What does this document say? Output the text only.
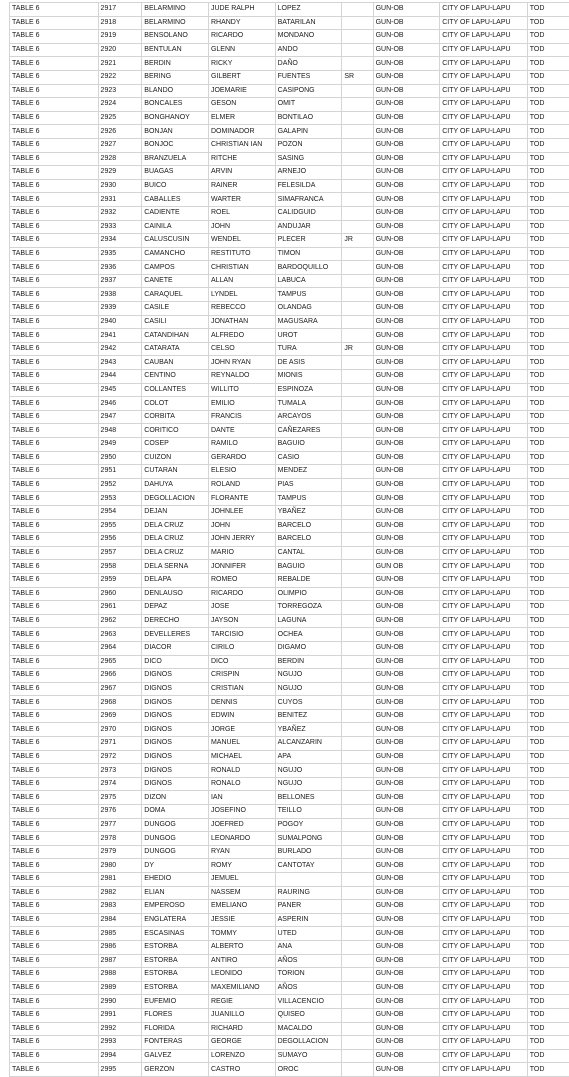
TABLE 6	2917	BELARMINO	JUDE RALPH	LOPEZ		GUN-OB	CITY OF LAPU-LAPU	TOD
TABLE 6	2918	BELARMINO	RHANDY	BATARILAN		GUN-OB	CITY OF LAPU-LAPU	TOD
TABLE 6	2919	BENSOLANO	RICARDO	MONDANO		GUN-OB	CITY OF LAPU-LAPU	TOD
TABLE 6	2920	BENTULAN	GLENN	ANDO		GUN-OB	CITY OF LAPU-LAPU	TOD
TABLE 6	2921	BERDIN	RICKY	DAÑO		GUN-OB	CITY OF LAPU-LAPU	TOD
TABLE 6	2922	BERING	GILBERT	FUENTES	SR	GUN-OB	CITY OF LAPU-LAPU	TOD
TABLE 6	2923	BLANDO	JOEMARIE	CASIPONG		GUN-OB	CITY OF LAPU-LAPU	TOD
TABLE 6	2924	BONCALES	GESON	OMIT		GUN-OB	CITY OF LAPU-LAPU	TOD
TABLE 6	2925	BONGHANOY	ELMER	BONTILAO		GUN-OB	CITY OF LAPU-LAPU	TOD
TABLE 6	2926	BONJAN	DOMINADOR	GALAPIN		GUN-OB	CITY OF LAPU-LAPU	TOD
TABLE 6	2927	BONJOC	CHRISTIAN IAN	POZON		GUN-OB	CITY OF LAPU-LAPU	TOD
TABLE 6	2928	BRANZUELA	RITCHE	SASING		GUN-OB	CITY OF LAPU-LAPU	TOD
TABLE 6	2929	BUAGAS	ARVIN	ARNEJO		GUN-OB	CITY OF LAPU-LAPU	TOD
TABLE 6	2930	BUICO	RAINER	FELESILDA		GUN-OB	CITY OF LAPU-LAPU	TOD
TABLE 6	2931	CABALLES	WARTER	SIMAFRANCA		GUN-OB	CITY OF LAPU-LAPU	TOD
TABLE 6	2932	CADIENTE	ROEL	CALIDGUID		GUN-OB	CITY OF LAPU-LAPU	TOD
TABLE 6	2933	CAINILA	JOHN	ANDUJAR		GUN-OB	CITY OF LAPU-LAPU	TOD
TABLE 6	2934	CALUSCUSIN	WENDEL	PLECER	JR	GUN-OB	CITY OF LAPU-LAPU	TOD
TABLE 6	2935	CAMANCHO	RESTITUTO	TIMON		GUN-OB	CITY OF LAPU-LAPU	TOD
TABLE 6	2936	CAMPOS	CHRISTIAN	BARDOQUILLO		GUN-OB	CITY OF LAPU-LAPU	TOD
TABLE 6	2937	CANETE	ALLAN	LABUCA		GUN-OB	CITY OF LAPU-LAPU	TOD
TABLE 6	2938	CARAQUEL	LYNDEL	TAMPUS		GUN-OB	CITY OF LAPU-LAPU	TOD
TABLE 6	2939	CASILE	REBECCO	OLANDAG		GUN-OB	CITY OF LAPU-LAPU	TOD
TABLE 6	2940	CASILI	JONATHAN	MAGUSARA		GUN-OB	CITY OF LAPU-LAPU	TOD
TABLE 6	2941	CATANDIHAN	ALFREDO	UROT		GUN-OB	CITY OF LAPU-LAPU	TOD
TABLE 6	2942	CATARATA	CELSO	TURA	JR	GUN-OB	CITY OF LAPU-LAPU	TOD
TABLE 6	2943	CAUBAN	JOHN RYAN	DE ASIS		GUN-OB	CITY OF LAPU-LAPU	TOD
TABLE 6	2944	CENTINO	REYNALDO	MIONIS		GUN-OB	CITY OF LAPU-LAPU	TOD
TABLE 6	2945	COLLANTES	WILLITO	ESPINOZA		GUN-OB	CITY OF LAPU-LAPU	TOD
TABLE 6	2946	COLOT	EMILIO	TUMALA		GUN-OB	CITY OF LAPU-LAPU	TOD
TABLE 6	2947	CORBITA	FRANCIS	ARCAYOS		GUN-OB	CITY OF LAPU-LAPU	TOD
TABLE 6	2948	CORITICO	DANTE	CAÑEZARES		GUN-OB	CITY OF LAPU-LAPU	TOD
TABLE 6	2949	COSEP	RAMILO	BAGUIO		GUN-OB	CITY OF LAPU-LAPU	TOD
TABLE 6	2950	CUIZON	GERARDO	CASIO		GUN-OB	CITY OF LAPU-LAPU	TOD
TABLE 6	2951	CUTARAN	ELESIO	MENDEZ		GUN-OB	CITY OF LAPU-LAPU	TOD
TABLE 6	2952	DAHUYA	ROLAND	PIAS		GUN-OB	CITY OF LAPU-LAPU	TOD
TABLE 6	2953	DEGOLLACION	FLORANTE	TAMPUS		GUN-OB	CITY OF LAPU-LAPU	TOD
TABLE 6	2954	DEJAN	JOHNLEE	YBAÑEZ		GUN-OB	CITY OF LAPU-LAPU	TOD
TABLE 6	2955	DELA CRUZ	JOHN	BARCELO		GUN-OB	CITY OF LAPU-LAPU	TOD
TABLE 6	2956	DELA CRUZ	JOHN JERRY	BARCELO		GUN-OB	CITY OF LAPU-LAPU	TOD
TABLE 6	2957	DELA CRUZ	MARIO	CANTAL		GUN-OB	CITY OF LAPU-LAPU	TOD
TABLE 6	2958	DELA SERNA	JONNIFER	BAGUIO		GUN OB	CITY OF LAPU-LAPU	TOD
TABLE 6	2959	DELAPA	ROMEO	REBALDE		GUN-OB	CITY OF LAPU-LAPU	TOD
TABLE 6	2960	DENLAUSO	RICARDO	OLIMPIO		GUN-OB	CITY OF LAPU-LAPU	TOD
TABLE 6	2961	DEPAZ	JOSE	TORREGOZA		GUN-OB	CITY OF LAPU-LAPU	TOD
TABLE 6	2962	DERECHO	JAYSON	LAGUNA		GUN-OB	CITY OF LAPU-LAPU	TOD
TABLE 6	2963	DEVELLERES	TARCISIO	OCHEA		GUN-OB	CITY OF LAPU-LAPU	TOD
TABLE 6	2964	DIACOR	CIRILO	DIGAMO		GUN-OB	CITY OF LAPU-LAPU	TOD
TABLE 6	2965	DICO	DICO	BERDIN		GUN-OB	CITY OF LAPU-LAPU	TOD
TABLE 6	2966	DIGNOS	CRISPIN	NGUJO		GUN-OB	CITY OF LAPU-LAPU	TOD
TABLE 6	2967	DIGNOS	CRISTIAN	NGUJO		GUN-OB	CITY OF LAPU-LAPU	TOD
TABLE 6	2968	DIGNOS	DENNIS	CUYOS		GUN-OB	CITY OF LAPU-LAPU	TOD
TABLE 6	2969	DIGNOS	EDWIN	BENITEZ		GUN-OB	CITY OF LAPU-LAPU	TOD
TABLE 6	2970	DIGNOS	JORGE	YBAÑEZ		GUN-OB	CITY OF LAPU-LAPU	TOD
TABLE 6	2971	DIGNOS	MANUEL	ALCANZARIN		GUN-OB	CITY OF LAPU-LAPU	TOD
TABLE 6	2972	DIGNOS	MICHAEL	APA		GUN-OB	CITY OF LAPU-LAPU	TOD
TABLE 6	2973	DIGNOS	RONALD	NGUJO		GUN-OB	CITY OF LAPU-LAPU	TOD
TABLE 6	2974	DIGNOS	RONALO	NGUJO		GUN-OB	CITY OF LAPU-LAPU	TOD
TABLE 6	2975	DIZON	IAN	BELLONES		GUN-OB	CITY OF LAPU-LAPU	TOD
TABLE 6	2976	DOMA	JOSEFINO	TEILLO		GUN-OB	CITY OF LAPU-LAPU	TOD
TABLE 6	2977	DUNGOG	JOEFRED	POGOY		GUN-OB	CITY OF LAPU-LAPU	TOD
TABLE 6	2978	DUNGOG	LEONARDO	SUMALPONG		GUN-OB	CITY OF LAPU-LAPU	TOD
TABLE 6	2979	DUNGOG	RYAN	BURLADO		GUN-OB	CITY OF LAPU-LAPU	TOD
TABLE 6	2980	DY	ROMY	CANTOTAY		GUN-OB	CITY OF LAPU-LAPU	TOD
TABLE 6	2981	EHEDIO	JEMUEL			GUN-OB	CITY OF LAPU-LAPU	TOD
TABLE 6	2982	ELIAN	NASSEM	RAURING		GUN-OB	CITY OF LAPU-LAPU	TOD
TABLE 6	2983	EMPEROSO	EMELIANO	PANER		GUN-OB	CITY OF LAPU-LAPU	TOD
TABLE 6	2984	ENGLATERA	JESSIE	ASPERIN		GUN-OB	CITY OF LAPU-LAPU	TOD
TABLE 6	2985	ESCASINAS	TOMMY	UTED		GUN-OB	CITY OF LAPU-LAPU	TOD
TABLE 6	2986	ESTORBA	ALBERTO	ANA		GUN-OB	CITY OF LAPU-LAPU	TOD
TABLE 6	2987	ESTORBA	ANTIRO	AÑOS		GUN-OB	CITY OF LAPU-LAPU	TOD
TABLE 6	2988	ESTORBA	LEONIDO	TORION		GUN-OB	CITY OF LAPU-LAPU	TOD
TABLE 6	2989	ESTORBA	MAXEMILIANO	AÑOS		GUN-OB	CITY OF LAPU-LAPU	TOD
TABLE 6	2990	EUFEMIO	REGIE	VILLACENCIO		GUN-OB	CITY OF LAPU-LAPU	TOD
TABLE 6	2991	FLORES	JUANILLO	QUISEO		GUN-OB	CITY OF LAPU-LAPU	TOD
TABLE 6	2992	FLORIDA	RICHARD	MACALDO		GUN-OB	CITY OF LAPU-LAPU	TOD
TABLE 6	2993	FONTERAS	GEORGE	DEGOLLACION		GUN-OB	CITY OF LAPU-LAPU	TOD
TABLE 6	2994	GALVEZ	LORENZO	SUMAYO		GUN-OB	CITY OF LAPU-LAPU	TOD
TABLE 6	2995	GERZON	CASTRO	OROC		GUN-OB	CITY OF LAPU-LAPU	TOD
